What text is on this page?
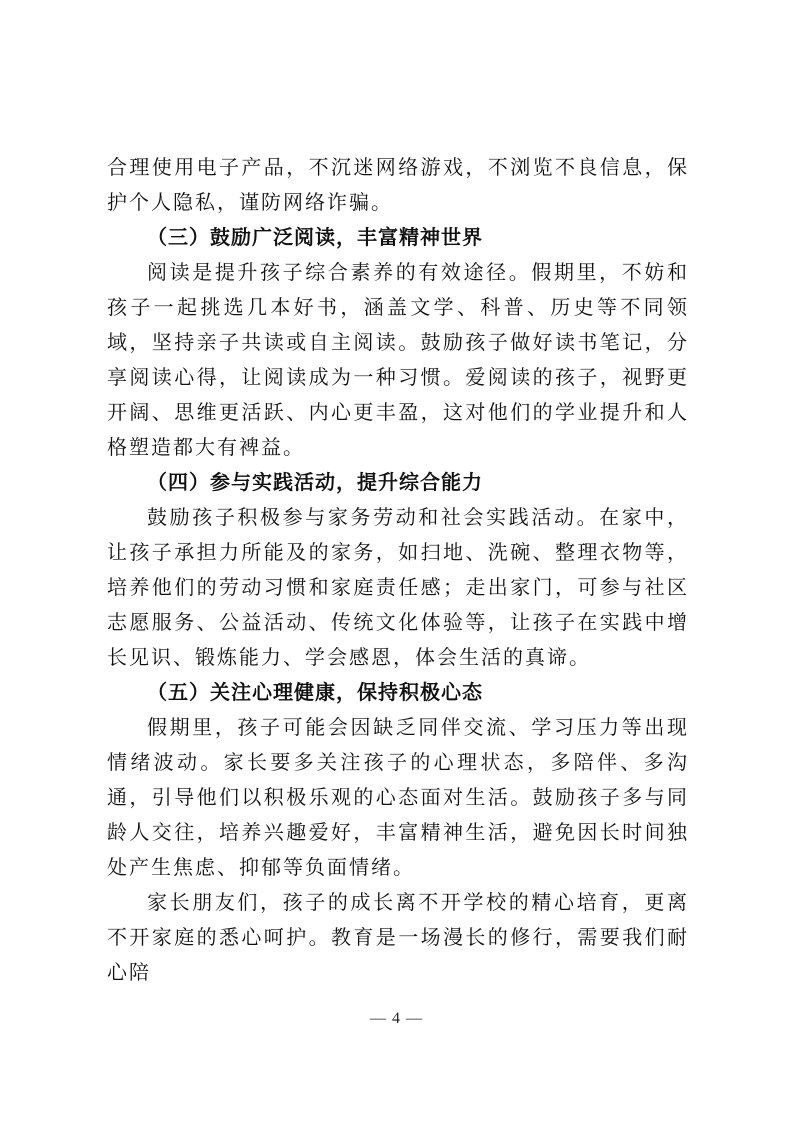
合理使用电子产品，不沉迷网络游戏，不浏览不良信息，保护个人隐私，谨防网络诈骗。

（三）鼓励广泛阅读，丰富精神世界

阅读是提升孩子综合素养的有效途径。假期里，不妨和孩子一起挑选几本好书，涵盖文学、科普、历史等不同领域，坚持亲子共读或自主阅读。鼓励孩子做好读书笔记，分享阅读心得，让阅读成为一种习惯。爱阅读的孩子，视野更开阔、思维更活跃、内心更丰盈，这对他们的学业提升和人格塑造都大有裨益。

（四）参与实践活动，提升综合能力

鼓励孩子积极参与家务劳动和社会实践活动。在家中，让孩子承担力所能及的家务，如扫地、洗碗、整理衣物等，培养他们的劳动习惯和家庭责任感；走出家门，可参与社区志愿服务、公益活动、传统文化体验等，让孩子在实践中增长见识、锻炼能力、学会感恩，体会生活的真谛。

（五）关注心理健康，保持积极心态

假期里，孩子可能会因缺乏同伴交流、学习压力等出现情绪波动。家长要多关注孩子的心理状态，多陪伴、多沟通，引导他们以积极乐观的心态面对生活。鼓励孩子多与同龄人交往，培养兴趣爱好，丰富精神生活，避免因长时间独处产生焦虑、抑郁等负面情绪。

家长朋友们，孩子的成长离不开学校的精心培育，更离不开家庭的悉心呵护。教育是一场漫长的修行，需要我们耐心陪

— 4 —
